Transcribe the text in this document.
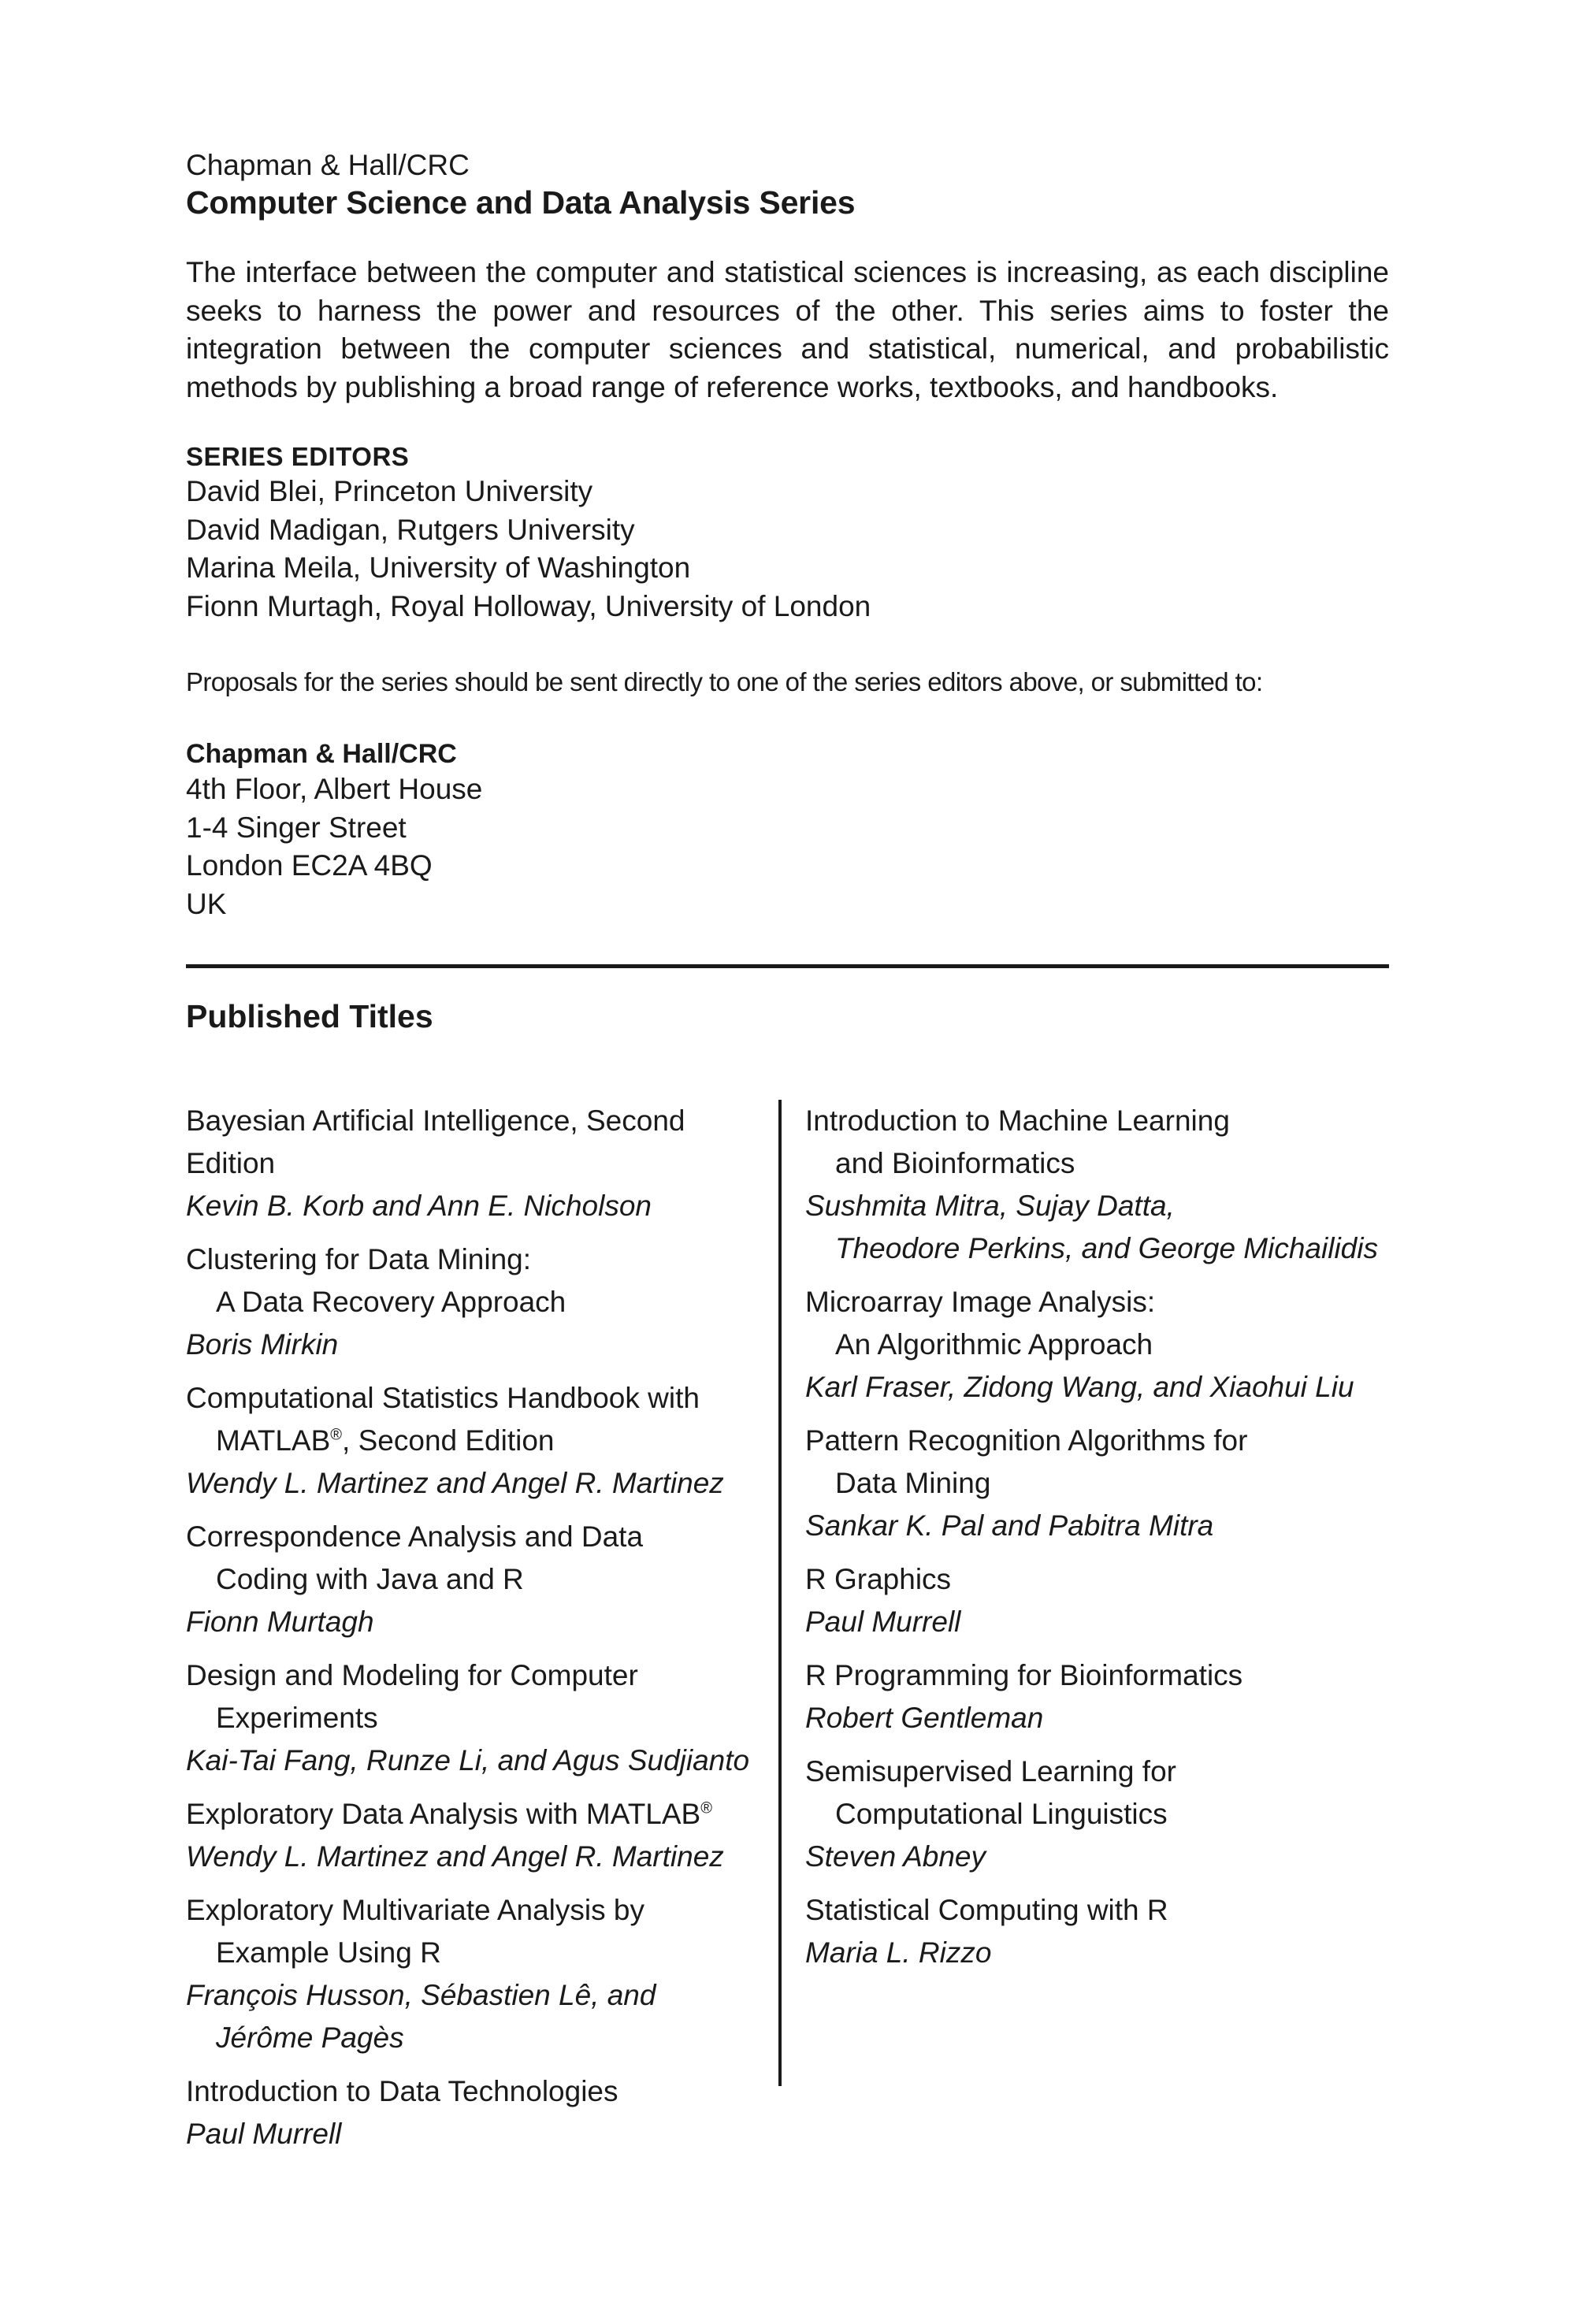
Chapman & Hall/CRC

Computer Science and Data Analysis Series

The interface between the computer and statistical sciences is increasing, as each discipline seeks to harness the power and resources of the other. This series aims to foster the integration between the computer sciences and statistical, numerical, and probabilistic methods by publishing a broad range of reference works, textbooks, and handbooks.

SERIES EDITORS

David Blei, Princeton University

David Madigan, Rutgers University

Marina Meila, University of Washington

Fionn Murtagh, Royal Holloway, University of London

Proposals for the series should be sent directly to one of the series editors above, or submitted to:

Chapman & Hall/CRC

4th Floor, Albert House

1-4 Singer Street

London EC2A 4BQ

UK

Published Titles
Bayesian Artificial Intelligence, Second Edition
Kevin B. Korb and Ann E. Nicholson
Clustering for Data Mining:
A Data Recovery Approach
Boris Mirkin
Computational Statistics Handbook with
MATLAB®, Second Edition
Wendy L. Martinez and Angel R. Martinez
Correspondence Analysis and Data
Coding with Java and R
Fionn Murtagh
Design and Modeling for Computer
Experiments
Kai-Tai Fang, Runze Li, and Agus Sudjianto
Exploratory Data Analysis with MATLAB®
Wendy L. Martinez and Angel R. Martinez
Exploratory Multivariate Analysis by
Example Using R
François Husson, Sébastien Lê, and
Jérôme Pagès
Introduction to Data Technologies
Paul Murrell
Introduction to Machine Learning
and Bioinformatics
Sushmita Mitra, Sujay Datta,
Theodore Perkins, and George Michailidis
Microarray Image Analysis:
An Algorithmic Approach
Karl Fraser, Zidong Wang, and Xiaohui Liu
Pattern Recognition Algorithms for
Data Mining
Sankar K. Pal and Pabitra Mitra
R Graphics
Paul Murrell
R Programming for Bioinformatics
Robert Gentleman
Semisupervised Learning for
Computational Linguistics
Steven Abney
Statistical Computing with R
Maria L. Rizzo
